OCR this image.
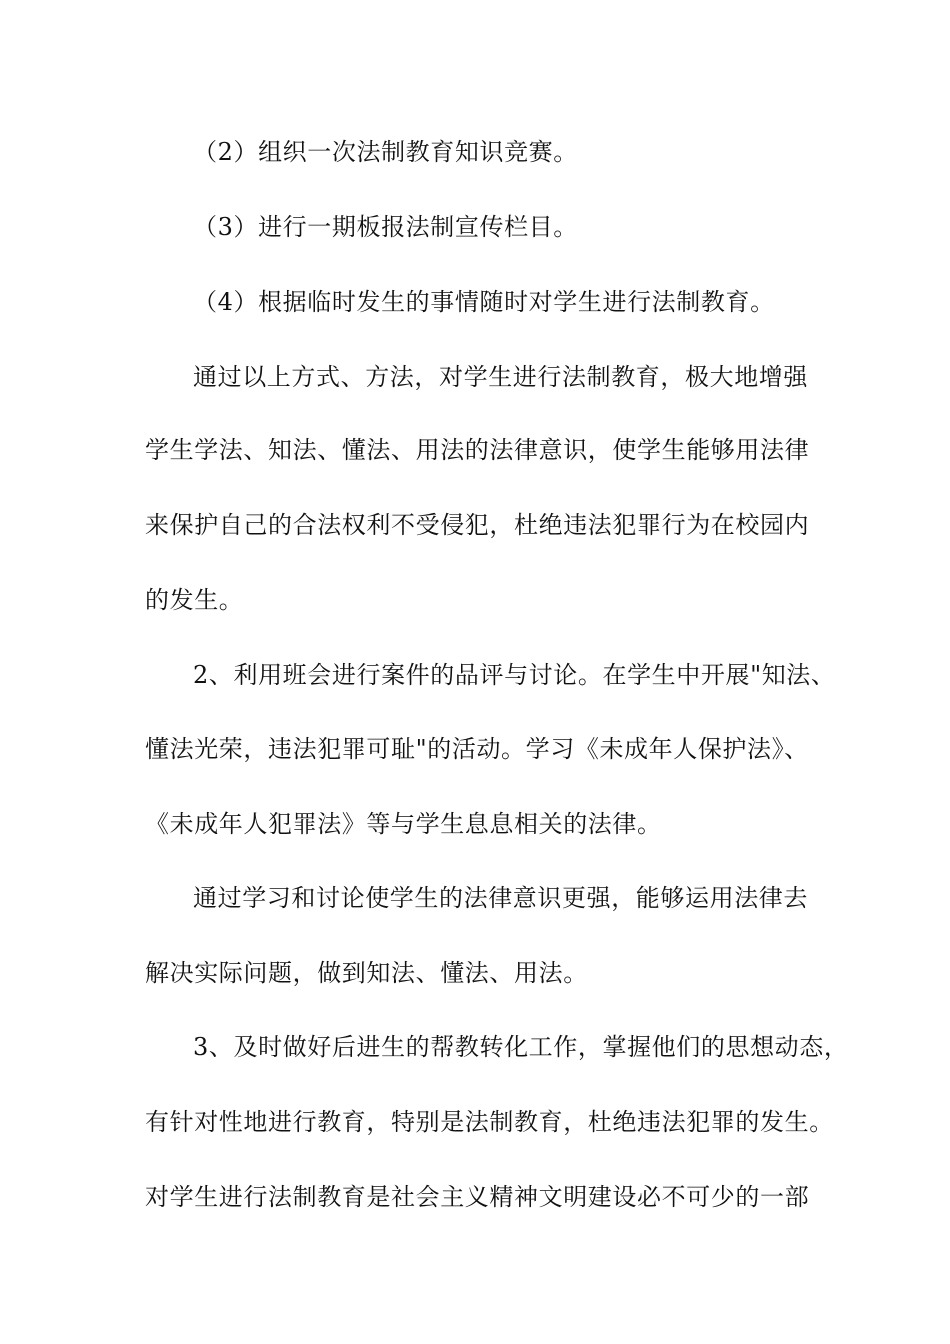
（2）组织一次法制教育知识竞赛。
（3）进行一期板报法制宣传栏目。
（4）根据临时发生的事情随时对学生进行法制教育。
通过以上方式、方法，对学生进行法制教育，极大地增强
学生学法、知法、懂法、用法的法律意识，使学生能够用法律
来保护自己的合法权利不受侵犯，杜绝违法犯罪行为在校园内
的发生。
2、利用班会进行案件的品评与讨论。在学生中开展"知法、
懂法光荣，违法犯罪可耻"的活动。学习《未成年人保护法》、
《未成年人犯罪法》等与学生息息相关的法律。
通过学习和讨论使学生的法律意识更强，能够运用法律去
解决实际问题，做到知法、懂法、用法。
3、及时做好后进生的帮教转化工作，掌握他们的思想动态，
有针对性地进行教育，特别是法制教育，杜绝违法犯罪的发生。
对学生进行法制教育是社会主义精神文明建设必不可少的一部
